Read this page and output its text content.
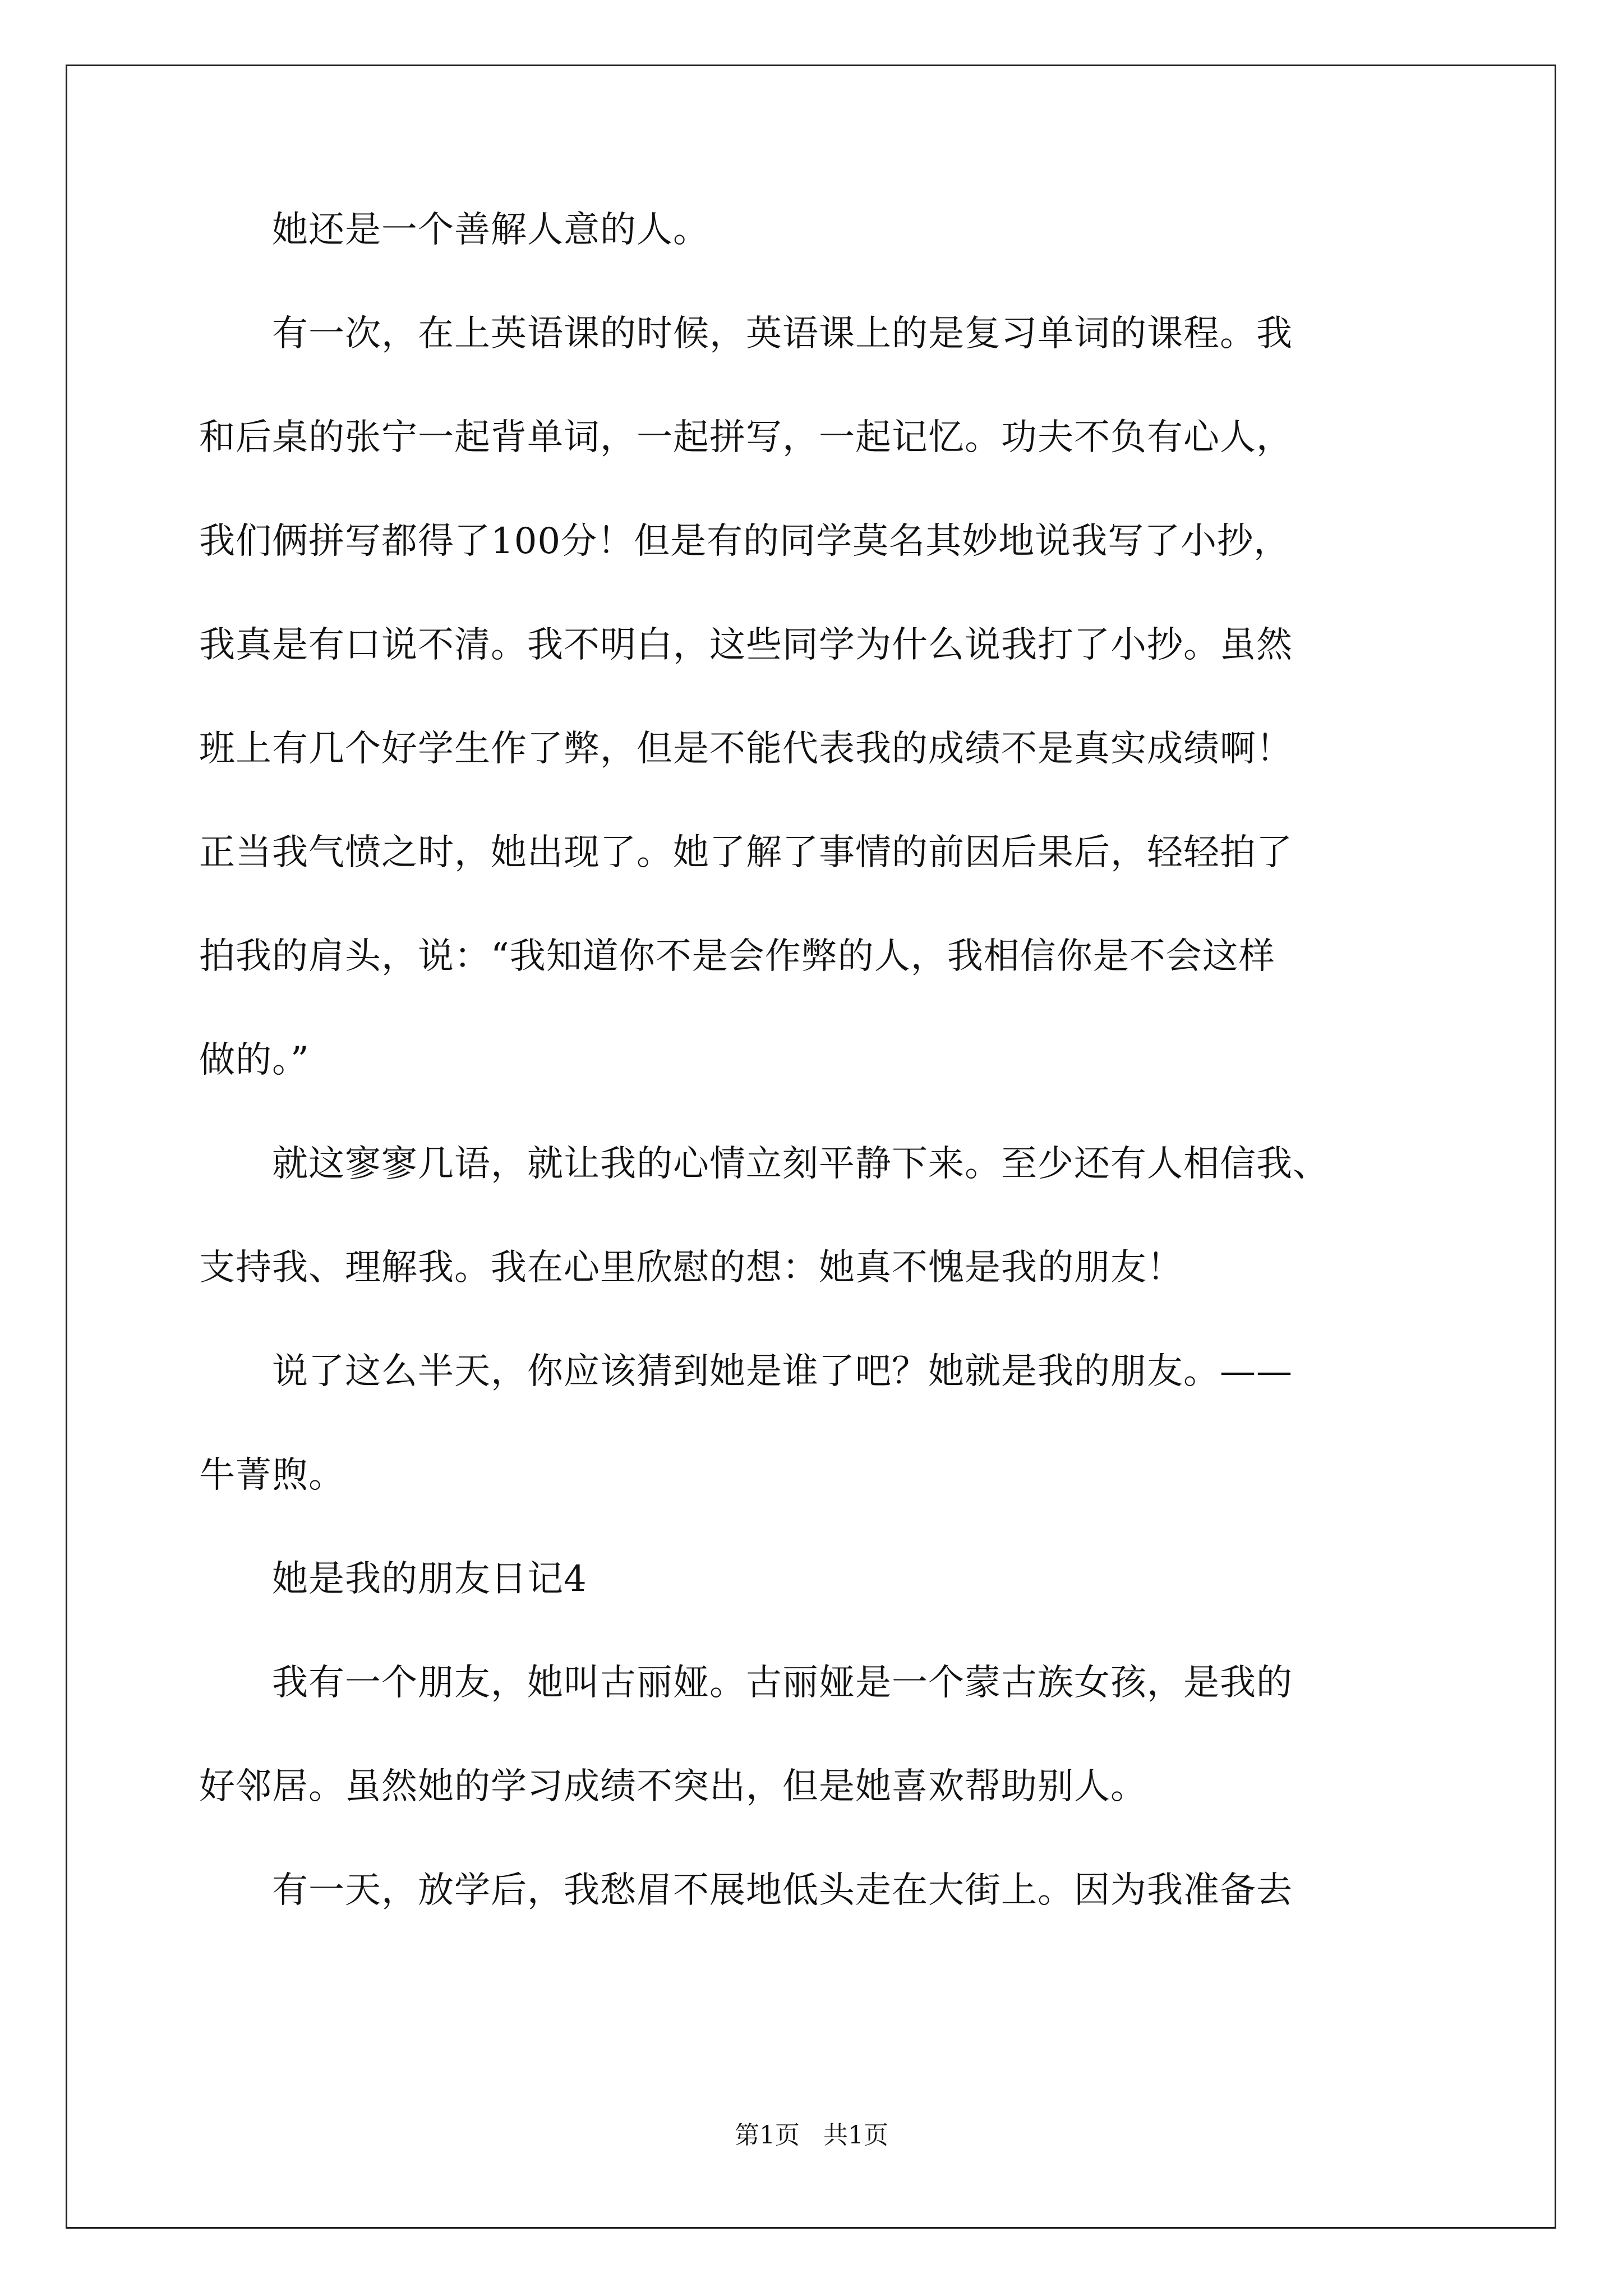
　　她还是一个善解人意的人。
　　有一次，在上英语课的时候，英语课上的是复习单词的课程。我
和后桌的张宁一起背单词，一起拼写，一起记忆。功夫不负有心人，
我们俩拼写都得了100分！但是有的同学莫名其妙地说我写了小抄，
我真是有口说不清。我不明白，这些同学为什么说我打了小抄。虽然
班上有几个好学生作了弊，但是不能代表我的成绩不是真实成绩啊！
正当我气愤之时，她出现了。她了解了事情的前因后果后，轻轻拍了
拍我的肩头，说：“我知道你不是会作弊的人，我相信你是不会这样
做的。”
　　就这寥寥几语，就让我的心情立刻平静下来。至少还有人相信我、
支持我、理解我。我在心里欣慰的想：她真不愧是我的朋友！
　　说了这么半天，你应该猜到她是谁了吧？她就是我的朋友。——
牛菁煦。
　　她是我的朋友日记4
　　我有一个朋友，她叫古丽娅。古丽娅是一个蒙古族女孩，是我的
好邻居。虽然她的学习成绩不突出，但是她喜欢帮助别人。
　　有一天，放学后，我愁眉不展地低头走在大街上。因为我准备去
第1页   共1页
